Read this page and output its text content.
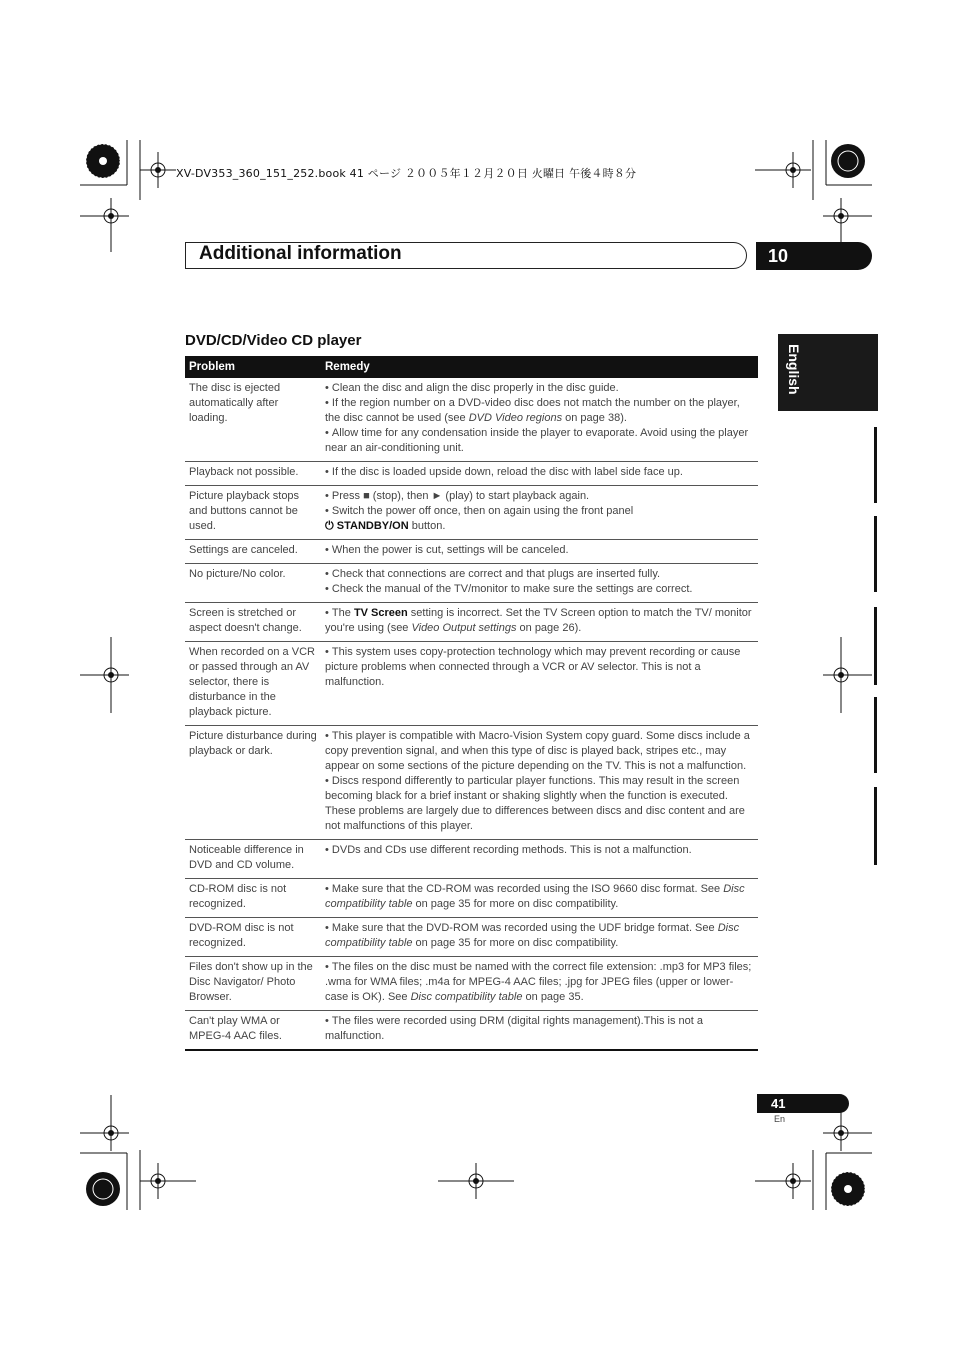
XV-DV353_360_151_252.book 41 ページ ２００５年１２月２０日 火曜日 午後４時８分
Additional information	10
English
DVD/CD/Video CD player
Problem	Remedy
The disc is ejected automatically after loading.	• Clean the disc and align the disc properly in the disc guide.
• If the region number on a DVD-video disc does not match the number on the player, the disc cannot be used (see DVD Video regions on page 38).
• Allow time for any condensation inside the player to evaporate. Avoid using the player near an air-conditioning unit.

Playback not possible.	• If the disc is loaded upside down, reload the disc with label side face up.

Picture playback stops and buttons cannot be used.	• Press ■ (stop), then ► (play) to start playback again.
• Switch the power off once, then on again using the front panel
⏻ STANDBY/ON button.

Settings are canceled.	• When the power is cut, settings will be canceled.

No picture/No color.	• Check that connections are correct and that plugs are inserted fully.
• Check the manual of the TV/monitor to make sure the settings are correct.

Screen is stretched or aspect doesn't change.	• The TV Screen setting is incorrect. Set the TV Screen option to match the TV/ monitor you're using (see Video Output settings on page 26).

When recorded on a VCR or passed through an AV selector, there is disturbance in the playback picture.	• This system uses copy-protection technology which may prevent recording or cause picture problems when connected through a VCR or AV selector. This is not a malfunction.

Picture disturbance during playback or dark.	• This player is compatible with Macro-Vision System copy guard. Some discs include a copy prevention signal, and when this type of disc is played back, stripes etc., may appear on some sections of the picture depending on the TV. This is not a malfunction.
• Discs respond differently to particular player functions. This may result in the screen becoming black for a brief instant or shaking slightly when the function is executed. These problems are largely due to differences between discs and disc content and are not malfunctions of this player.

Noticeable difference in DVD and CD volume.	• DVDs and CDs use different recording methods. This is not a malfunction.

CD-ROM disc is not recognized.	• Make sure that the CD-ROM was recorded using the ISO 9660 disc format. See Disc compatibility table on page 35 for more on disc compatibility.

DVD-ROM disc is not recognized.	• Make sure that the DVD-ROM was recorded using the UDF bridge format. See Disc compatibility table on page 35 for more on disc compatibility.

Files don't show up in the Disc Navigator/ Photo Browser.	• The files on the disc must be named with the correct file extension: .mp3 for MP3 files; .wma for WMA files; .m4a for MPEG-4 AAC files; .jpg for JPEG files (upper or lower-case is OK). See Disc compatibility table on page 35.

Can't play WMA or MPEG-4 AAC files.	• The files were recorded using DRM (digital rights management).This is not a malfunction.
41
En
